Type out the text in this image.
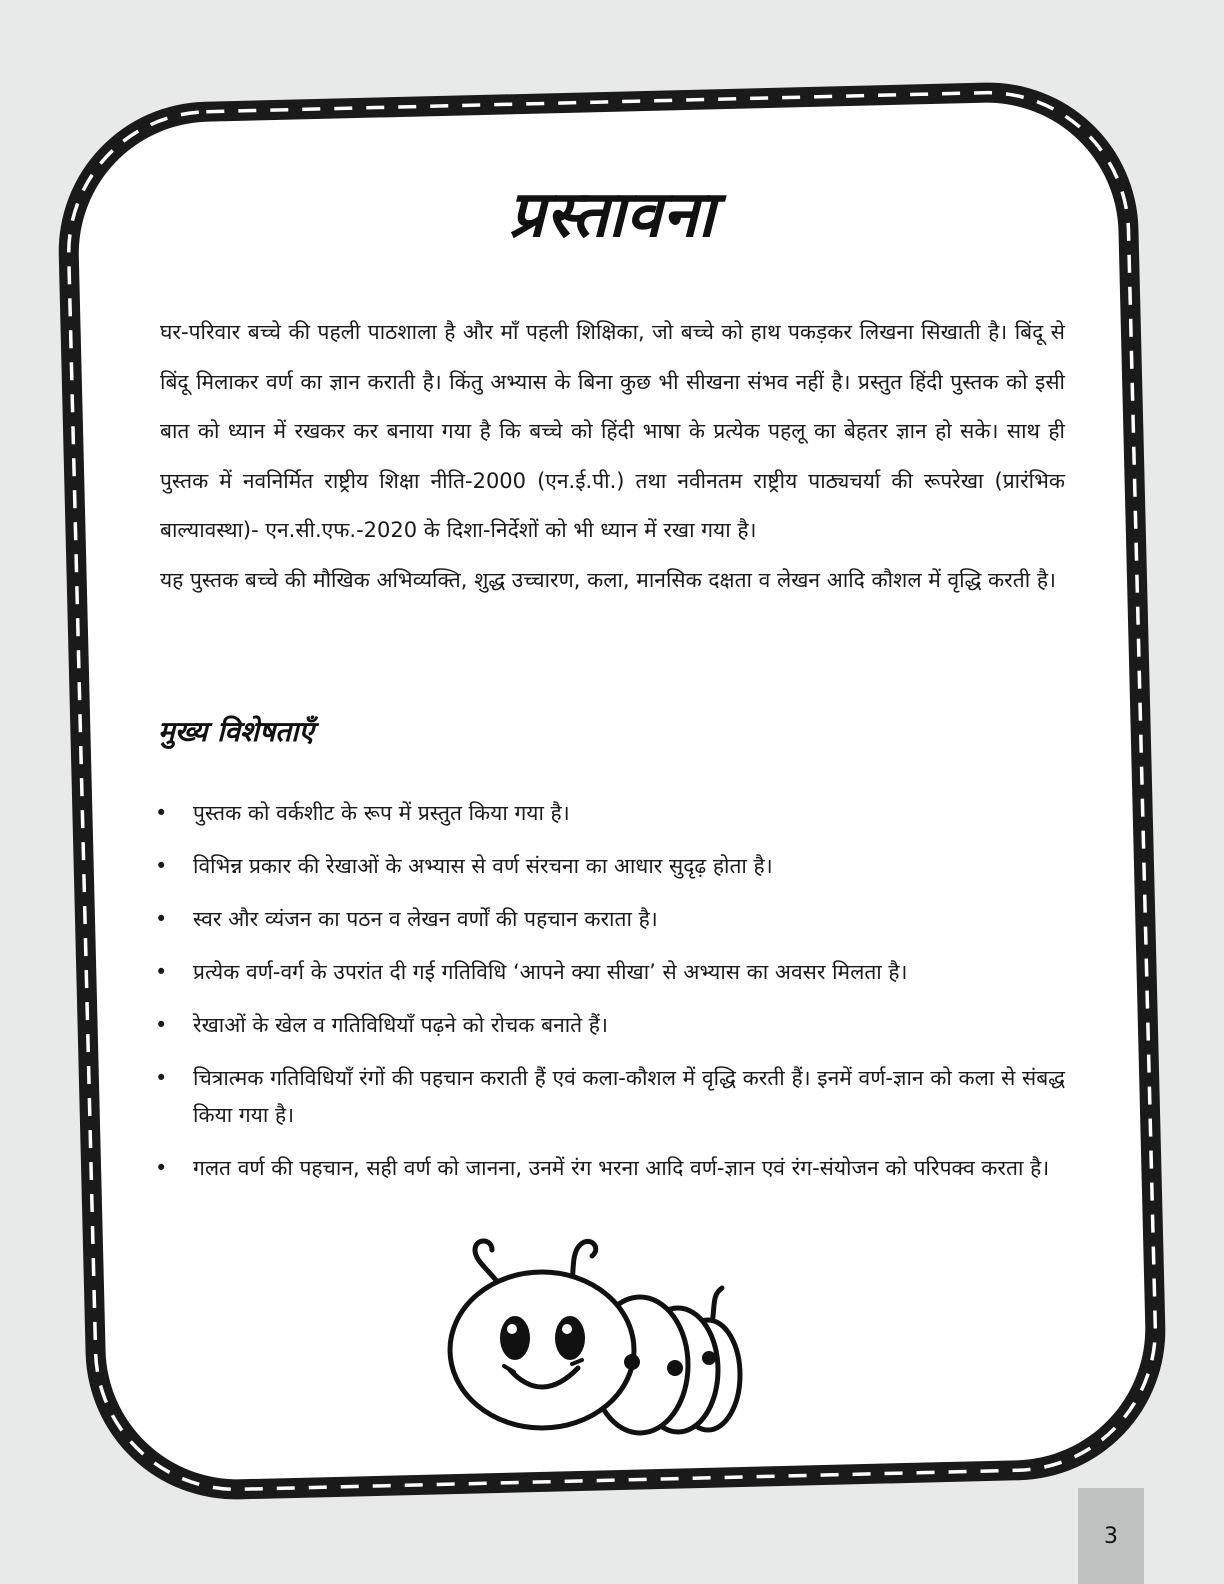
प्रस्तावना

घर-परिवार बच्चे की पहली पाठशाला है और माँ पहली शिक्षिका, जो बच्चे को हाथ पकड़कर लिखना सिखाती है। बिंदू से बिंदू मिलाकर वर्ण का ज्ञान कराती है। किंतु अभ्यास के बिना कुछ भी सीखना संभव नहीं है। प्रस्तुत हिंदी पुस्तक को इसी बात को ध्यान में रखकर कर बनाया गया है कि बच्चे को हिंदी भाषा के प्रत्येक पहलू का बेहतर ज्ञान हो सके। साथ ही पुस्तक में नवनिर्मित राष्ट्रीय शिक्षा नीति-2000 (एन.ई.पी.) तथा नवीनतम राष्ट्रीय पाठ्यचर्या की रूपरेखा (प्रारंभिक बाल्यावस्था)- एन.सी.एफ.-2020 के दिशा-निर्देशों को भी ध्यान में रखा गया है।

यह पुस्तक बच्चे की मौखिक अभिव्यक्ति, शुद्ध उच्चारण, कला, मानसिक दक्षता व लेखन आदि कौशल में वृद्धि करती है।

मुख्य विशेषताएँ
•	पुस्तक को वर्कशीट के रूप में प्रस्तुत किया गया है।
•	विभिन्न प्रकार की रेखाओं के अभ्यास से वर्ण संरचना का आधार सुदृढ़ होता है।
•	स्वर और व्यंजन का पठन व लेखन वर्णों की पहचान कराता है।
•	प्रत्येक वर्ण-वर्ग के उपरांत दी गई गतिविधि ‘आपने क्या सीखा’ से अभ्यास का अवसर मिलता है।
•	रेखाओं के खेल व गतिविधियाँ पढ़ने को रोचक बनाते हैं।
•	चित्रात्मक गतिविधियाँ रंगों की पहचान कराती हैं एवं कला-कौशल में वृद्धि करती हैं। इनमें वर्ण-ज्ञान को कला से संबद्ध किया गया है।
•	गलत वर्ण की पहचान, सही वर्ण को जानना, उनमें रंग भरना आदि वर्ण-ज्ञान एवं रंग-संयोजन को परिपक्व करता है।
3
